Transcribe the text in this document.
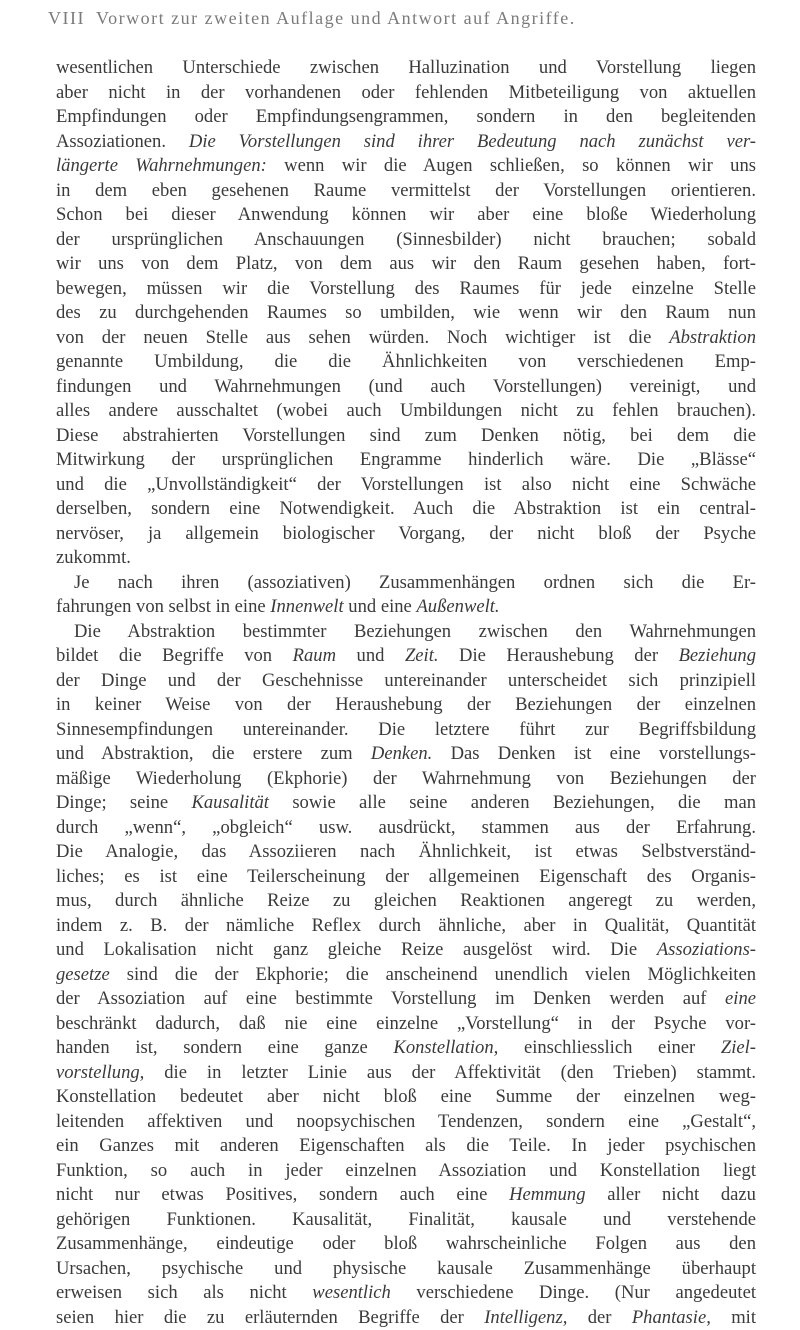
VIII Vorwort zur zweiten Auflage und Antwort auf Angriffe.
wesentlichen Unterschiede zwischen Halluzination und Vorstellung liegen
aber nicht in der vorhandenen oder fehlenden Mitbeteiligung von aktuellen
Empfindungen oder Empfindungsengrammen, sondern in den begleitenden
Assoziationen. Die Vorstellungen sind ihrer Bedeutung nach zunächst ver-
längerte Wahrnehmungen: wenn wir die Augen schließen, so können wir uns
in dem eben gesehenen Raume vermittelst der Vorstellungen orientieren.
Schon bei dieser Anwendung können wir aber eine bloße Wiederholung
der ursprünglichen Anschauungen (Sinnesbilder) nicht brauchen; sobald
wir uns von dem Platz, von dem aus wir den Raum gesehen haben, fort-
bewegen, müssen wir die Vorstellung des Raumes für jede einzelne Stelle
des zu durchgehenden Raumes so umbilden, wie wenn wir den Raum nun
von der neuen Stelle aus sehen würden. Noch wichtiger ist die Abstraktion
genannte Umbildung, die die Ähnlichkeiten von verschiedenen Emp-
findungen und Wahrnehmungen (und auch Vorstellungen) vereinigt, und
alles andere ausschaltet (wobei auch Umbildungen nicht zu fehlen brauchen).
Diese abstrahierten Vorstellungen sind zum Denken nötig, bei dem die
Mitwirkung der ursprünglichen Engramme hinderlich wäre. Die „Blässe“
und die „Unvollständigkeit“ der Vorstellungen ist also nicht eine Schwäche
derselben, sondern eine Notwendigkeit. Auch die Abstraktion ist ein central-
nervöser, ja allgemein biologischer Vorgang, der nicht bloß der Psyche
zukommt.
Je nach ihren (assoziativen) Zusammenhängen ordnen sich die Er-
fahrungen von selbst in eine Innenwelt und eine Außenwelt.
Die Abstraktion bestimmter Beziehungen zwischen den Wahrnehmungen
bildet die Begriffe von Raum und Zeit. Die Heraushebung der Beziehung
der Dinge und der Geschehnisse untereinander unterscheidet sich prinzipiell
in keiner Weise von der Heraushebung der Beziehungen der einzelnen
Sinnesempfindungen untereinander. Die letztere führt zur Begriffsbildung
und Abstraktion, die erstere zum Denken. Das Denken ist eine vorstellungs-
mäßige Wiederholung (Ekphorie) der Wahrnehmung von Beziehungen der
Dinge; seine Kausalität sowie alle seine anderen Beziehungen, die man
durch „wenn“, „obgleich“ usw. ausdrückt, stammen aus der Erfahrung.
Die Analogie, das Assoziieren nach Ähnlichkeit, ist etwas Selbstverständ-
liches; es ist eine Teilerscheinung der allgemeinen Eigenschaft des Organis-
mus, durch ähnliche Reize zu gleichen Reaktionen angeregt zu werden,
indem z. B. der nämliche Reflex durch ähnliche, aber in Qualität, Quantität
und Lokalisation nicht ganz gleiche Reize ausgelöst wird. Die Assoziations-
gesetze sind die der Ekphorie; die anscheinend unendlich vielen Möglichkeiten
der Assoziation auf eine bestimmte Vorstellung im Denken werden auf eine
beschränkt dadurch, daß nie eine einzelne „Vorstellung“ in der Psyche vor-
handen ist, sondern eine ganze Konstellation, einschliesslich einer Ziel-
vorstellung, die in letzter Linie aus der Affektivität (den Trieben) stammt.
Konstellation bedeutet aber nicht bloß eine Summe der einzelnen weg-
leitenden affektiven und noopsychischen Tendenzen, sondern eine „Gestalt“,
ein Ganzes mit anderen Eigenschaften als die Teile. In jeder psychischen
Funktion, so auch in jeder einzelnen Assoziation und Konstellation liegt
nicht nur etwas Positives, sondern auch eine Hemmung aller nicht dazu
gehörigen Funktionen. Kausalität, Finalität, kausale und verstehende
Zusammenhänge, eindeutige oder bloß wahrscheinliche Folgen aus den
Ursachen, psychische und physische kausale Zusammenhänge überhaupt
erweisen sich als nicht wesentlich verschiedene Dinge. (Nur angedeutet
seien hier die zu erläuternden Begriffe der Intelligenz, der Phantasie, mit
